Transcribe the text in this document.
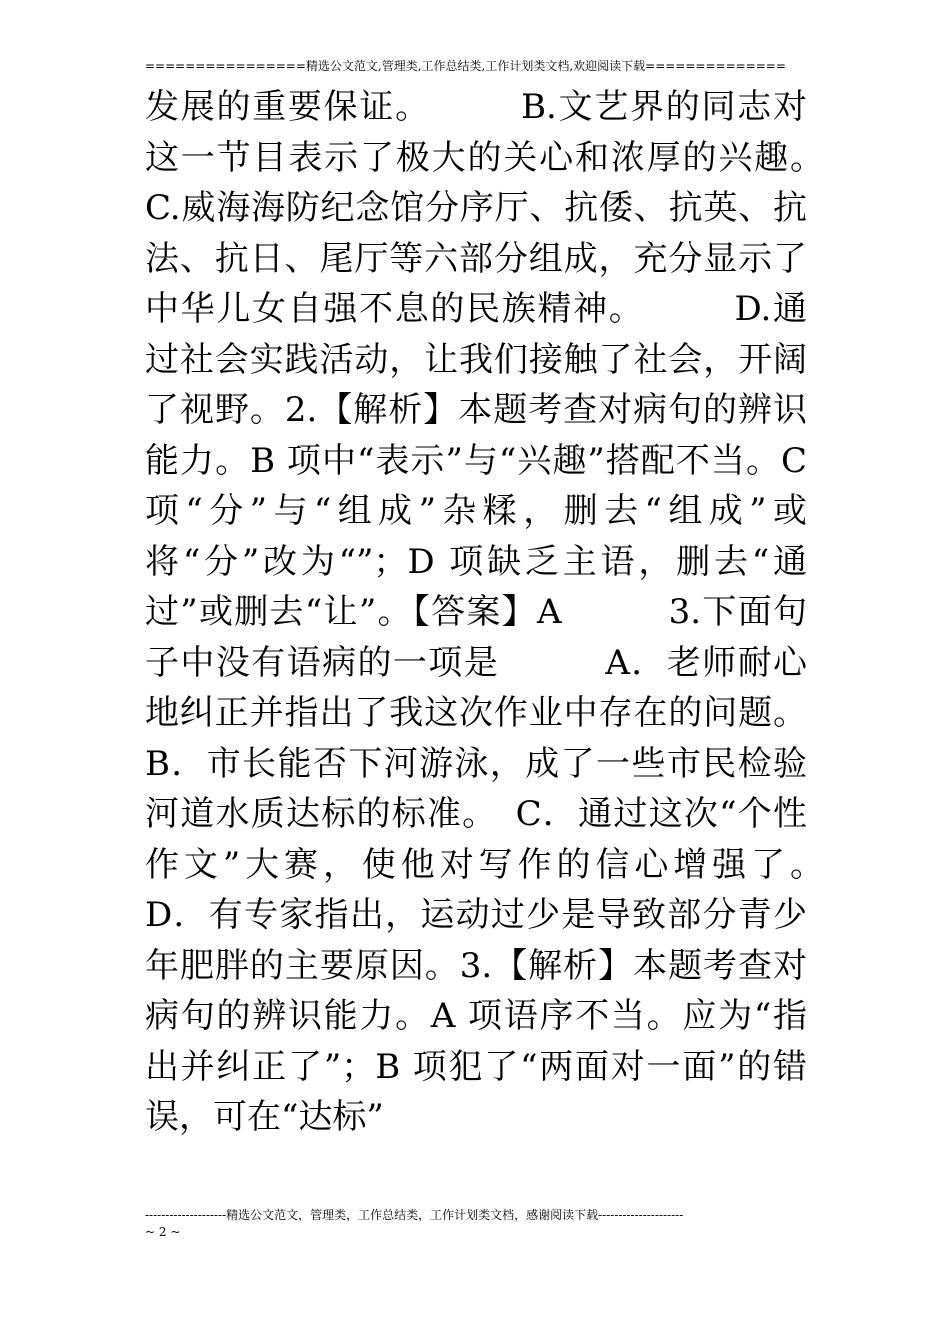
================精选公文范文,管理类,工作总结类,工作计划类文档,欢迎阅读下载==============

发展的重要保证。　　　B.文艺界的同志对这一节目表示了极大的关心和浓厚的兴趣。　　　C.威海海防纪念馆分序厅、抗倭、抗英、抗法、抗日、尾厅等六部分组成，充分显示了中华儿女自强不息的民族精神。　　　D.通过社会实践活动，让我们接触了社会，开阔了视野。

2.【解析】本题考查对病句的辨识能力。B 项中“表示”与“兴趣”搭配不当。C 项“分”与“组成”杂糅，删去“组成”或将“分”改为“”；D 项缺乏主语，删去“通过”或删去“让”。【答案】A　　　3.下面句子中没有语病的一项是　　　A．老师耐心地纠正并指出了我这次作业中存在的问题。B．市长能否下河游泳，成了一些市民检验河道水质达标的标准。　C．通过这次“个性作文”大赛，使他对写作的信心增强了。　D．有专家指出，运动过少是导致部分青少年肥胖的主要原因。

3.【解析】本题考查对病句的辨识能力。A 项语序不当。应为“指出并纠正了”；B 项犯了“两面对一面”的错误，可在“达标”

--------------------精选公文范文，管理类，工作总结类，工作计划类文档，感谢阅读下载---------------------
~ 2 ~
